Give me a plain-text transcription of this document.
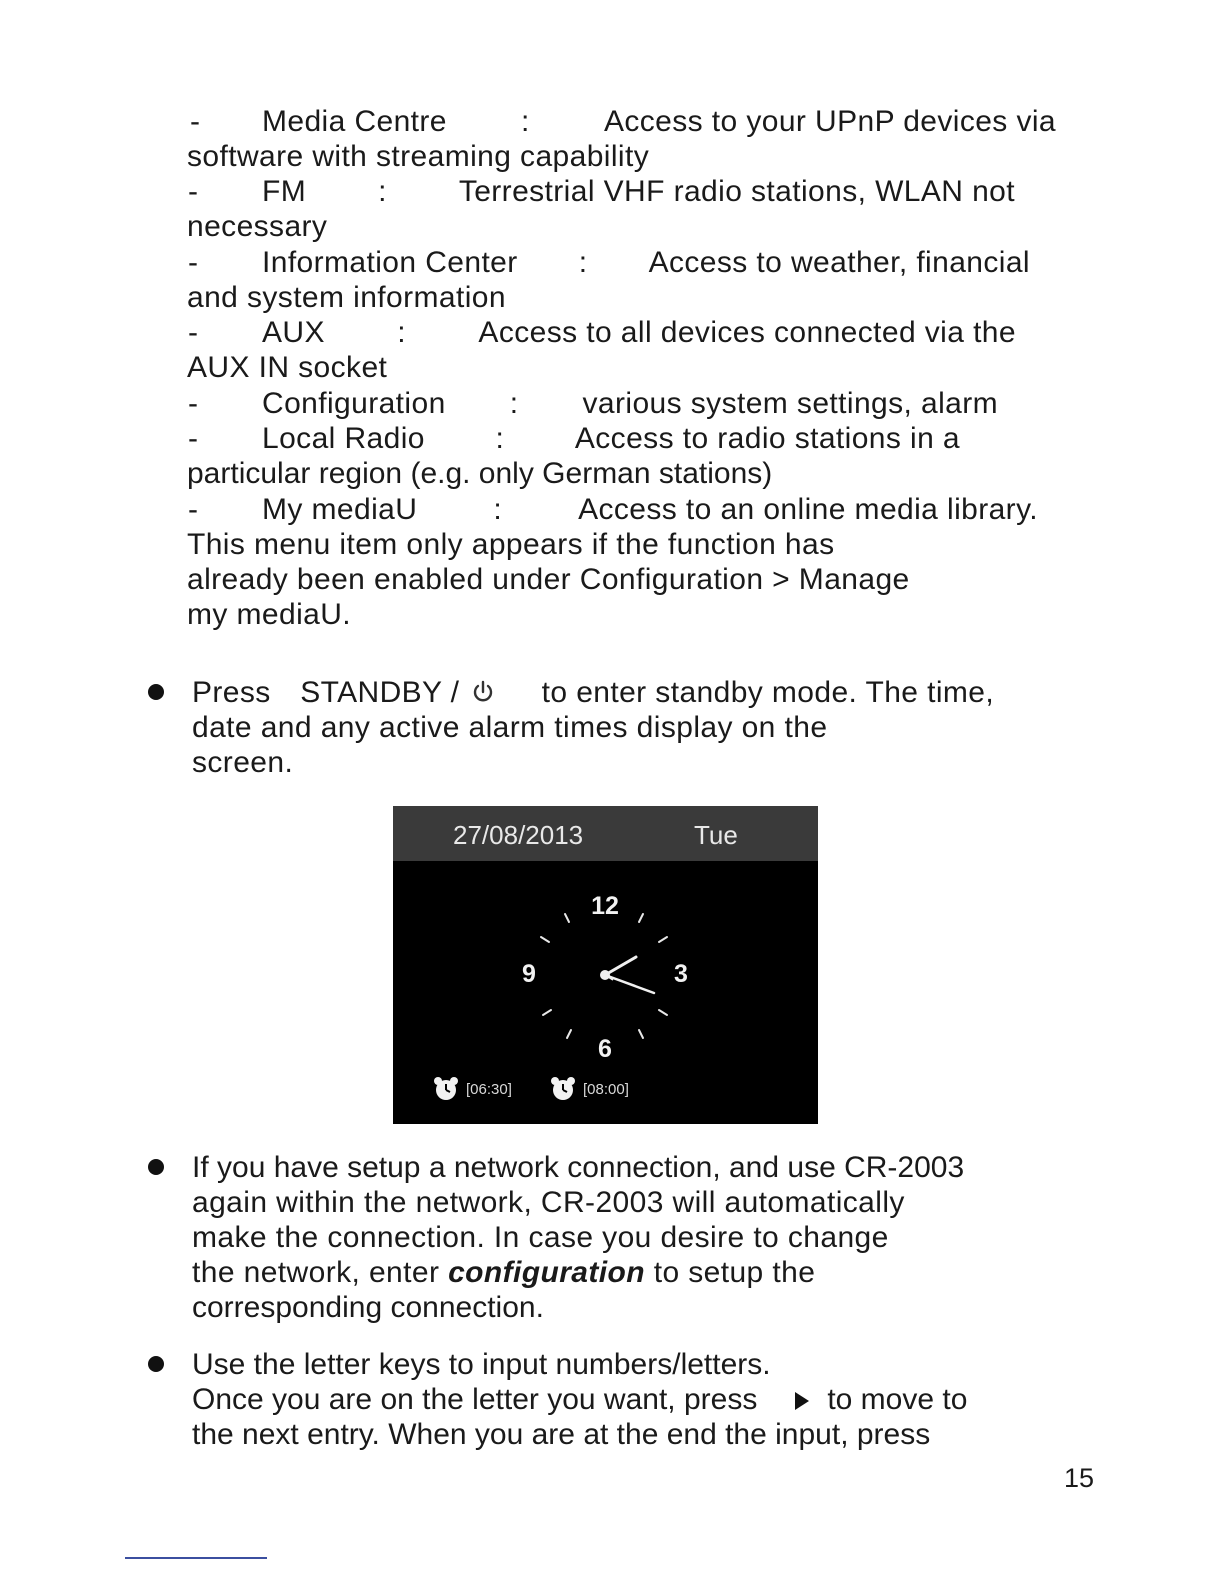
- Media Centre : Access to your UPnP devices via
software with streaming capability
- FM : Terrestrial VHF radio stations, WLAN not
necessary
- Information Center : Access to weather, financial
and system information
- AUX : Access to all devices connected via the
AUX IN socket
- Configuration : various system settings, alarm
- Local Radio : Access to radio stations in a
particular region (e.g. only German stations)
- My mediaU	:	Access to an online media library.
This menu item only appears if the function has
already been enabled under Configuration > Manage
my mediaU.
Press STANDBY /	to enter standby mode. The time,
date and any active alarm times display on the
screen.
27/08/2013	Tue
12
3
6
9
[06:30]	[08:00]
If you have setup a network connection, and use CR-2003
again within the network, CR-2003 will automatically
make the connection. In case you desire to change
the network, enter configuration to setup the
corresponding connection.
Use the letter keys to input numbers/letters.
Once you are on the letter you want, press to move to
the next entry. When you are at the end the input, press
15
